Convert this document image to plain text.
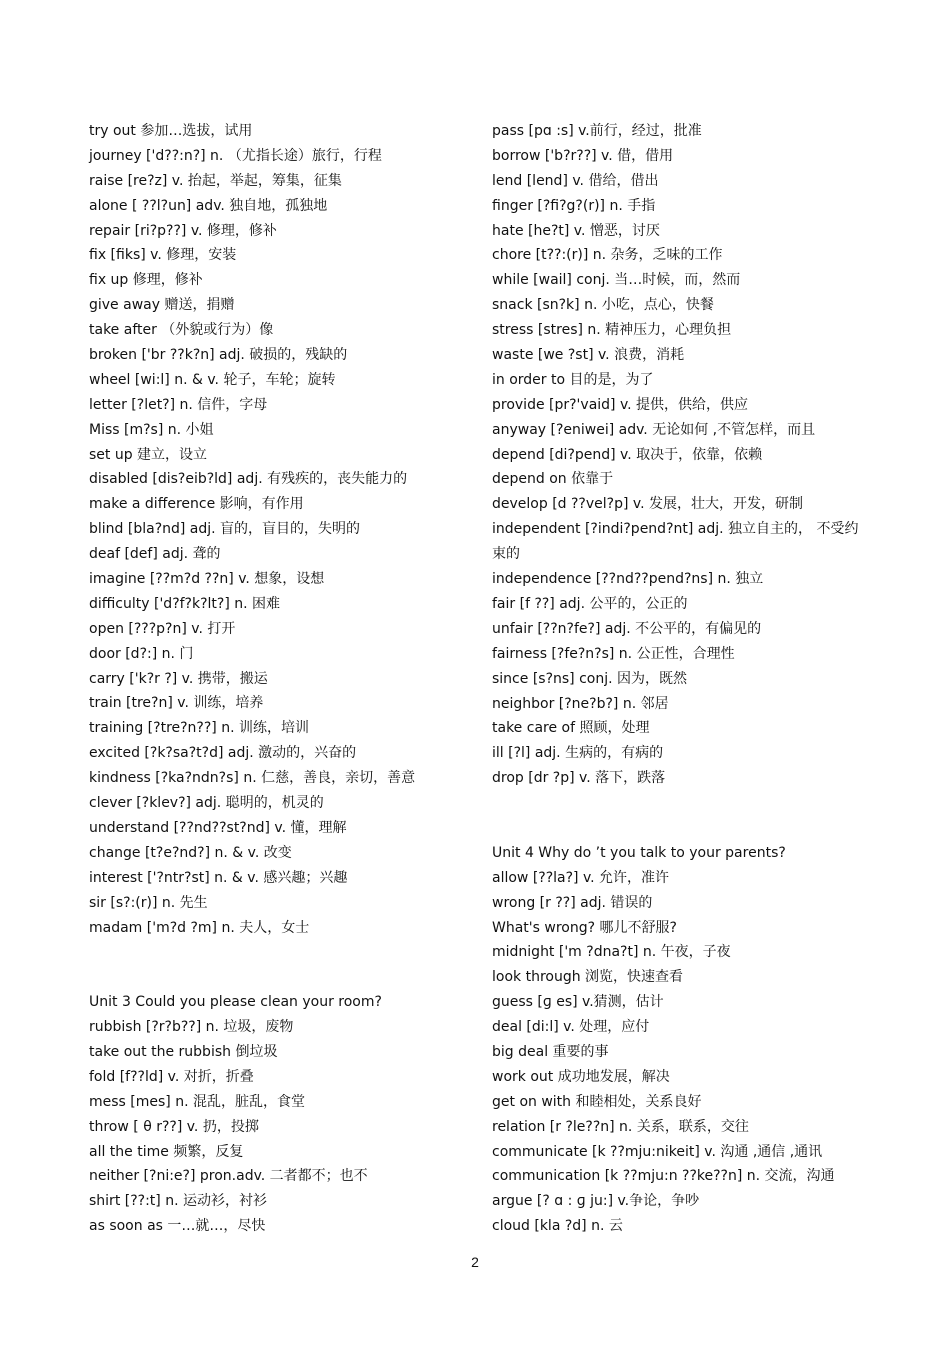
try out 参加…选拔，试用
journey ['d??:n?] n. （尤指长途）旅行，行程
raise [re?z] v. 抬起，举起，筹集，征集
alone [ ??l?un] adv. 独自地，孤独地
repair [ri?p??] v. 修理，修补
fix [fiks] v. 修理，安装
fix up 修理，修补
give away 赠送，捐赠
take after （外貌或行为）像
broken ['br ??k?n] adj. 破损的，残缺的
wheel [wi:l] n. & v. 轮子，车轮；旋转
letter [?let?] n. 信件，字母
Miss [m?s] n. 小姐
set up 建立，设立
disabled [dis?eib?ld] adj. 有残疾的，丧失能力的
make a difference 影响，有作用
blind [bla?nd] adj. 盲的，盲目的，失明的
deaf [def] adj. 聋的
imagine [??m?d ??n] v. 想象，设想
difficulty ['d?f?k?lt?] n. 困难
open [???p?n] v. 打开
door [d?:] n. 门
carry ['k?r ?] v. 携带，搬运
train [tre?n] v. 训练，培养
training [?tre?n??] n. 训练，培训
excited [?k?sa?t?d] adj. 激动的，兴奋的
kindness [?ka?ndn?s] n. 仁慈，善良，亲切，善意
clever [?klev?] adj. 聪明的，机灵的
understand [??nd??st?nd] v. 懂，理解
change [t?e?nd?] n. & v. 改变
interest ['?ntr?st] n. & v. 感兴趣；兴趣
sir [s?:(r)] n. 先生
madam ['m?d ?m] n. 夫人，女士
Unit 3 Could you please clean your room?
rubbish [?r?b??] n. 垃圾，废物
take out the rubbish 倒垃圾
fold [f??ld] v. 对折，折叠
mess [mes] n. 混乱，脏乱，食堂
throw [ θ r??] v. 扔，投掷
all the time 频繁，反复
neither [?ni:e?] pron.adv. 二者都不；也不
shirt [??:t] n. 运动衫，衬衫
as soon as 一…就…，尽快
pass [pɑ :s] v.前行，经过，批准
borrow ['b?r??] v. 借，借用
lend [lend] v. 借给，借出
finger [?fi?g?(r)] n. 手指
hate [he?t] v. 憎恶，讨厌
chore [t??:(r)] n. 杂务，乏味的工作
while [wail] conj. 当…时候，而，然而
snack [sn?k] n. 小吃，点心，快餐
stress [stres] n. 精神压力，心理负担
waste [we ?st] v. 浪费，消耗
in order to 目的是，为了
provide [pr?'vaid] v. 提供，供给，供应
anyway [?eniwei] adv. 无论如何 ,不管怎样，而且
depend [di?pend] v. 取决于，依靠，依赖
depend on 依靠于
develop [d ??vel?p] v. 发展，壮大，开发，研制
independent [?indi?pend?nt] adj. 独立自主的， 不受约束的
independence [??nd??pend?ns] n. 独立
fair [f ??] adj. 公平的，公正的
unfair [??n?fe?] adj. 不公平的，有偏见的
fairness [?fe?n?s] n. 公正性，合理性
since [s?ns] conj. 因为，既然
neighbor [?ne?b?] n. 邻居
take care of 照顾，处理
ill [?l] adj. 生病的，有病的
drop [dr ?p] v. 落下，跌落
Unit 4 Why do ’t you talk to your parents?
allow [??la?] v. 允许，准许
wrong [r ??] adj. 错误的
What's wrong? 哪儿不舒服?
midnight ['m ?dna?t] n. 午夜，子夜
look through 浏览，快速查看
guess [ɡ es] v.猜测，估计
deal [di:l] v. 处理，应付
big deal 重要的事
work out 成功地发展，解决
get on with 和睦相处，关系良好
relation [r ?le??n] n. 关系，联系，交往
communicate [k ??mju:nikeit] v. 沟通 ,通信 ,通讯
communication [k ??mju:n ??ke??n] n. 交流，沟通
argue [? ɑ : ɡ ju:] v.争论，争吵
cloud [kla ?d] n. 云
2
